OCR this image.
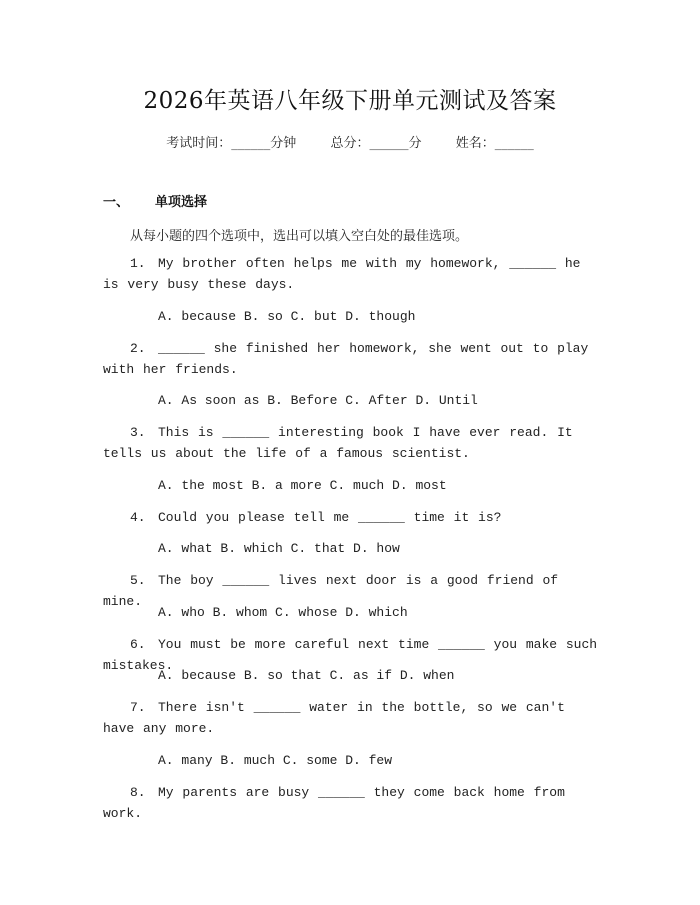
2026年英语八年级下册单元测试及答案
考试时间：______分钟	总分：______分	姓名：______
一、 单项选择
从每小题的四个选项中，选出可以填入空白处的最佳选项。
1. My brother often helps me with my homework, ______ he is very busy these days.
A. because B. so C. but D. though
2. ______ she finished her homework, she went out to play with her friends.
A. As soon as B. Before C. After D. Until
3. This is ______ interesting book I have ever read. It tells us about the life of a famous scientist.
A. the most B. a more C. much D. most
4. Could you please tell me ______ time it is?
A. what B. which C. that D. how
5. The boy ______ lives next door is a good friend of mine.
A. who B. whom C. whose D. which
6. You must be more careful next time ______ you make such mistakes.
A. because B. so that C. as if D. when
7. There isn't ______ water in the bottle, so we can't have any more.
A. many B. much C. some D. few
8. My parents are busy ______ they come back home from work.
